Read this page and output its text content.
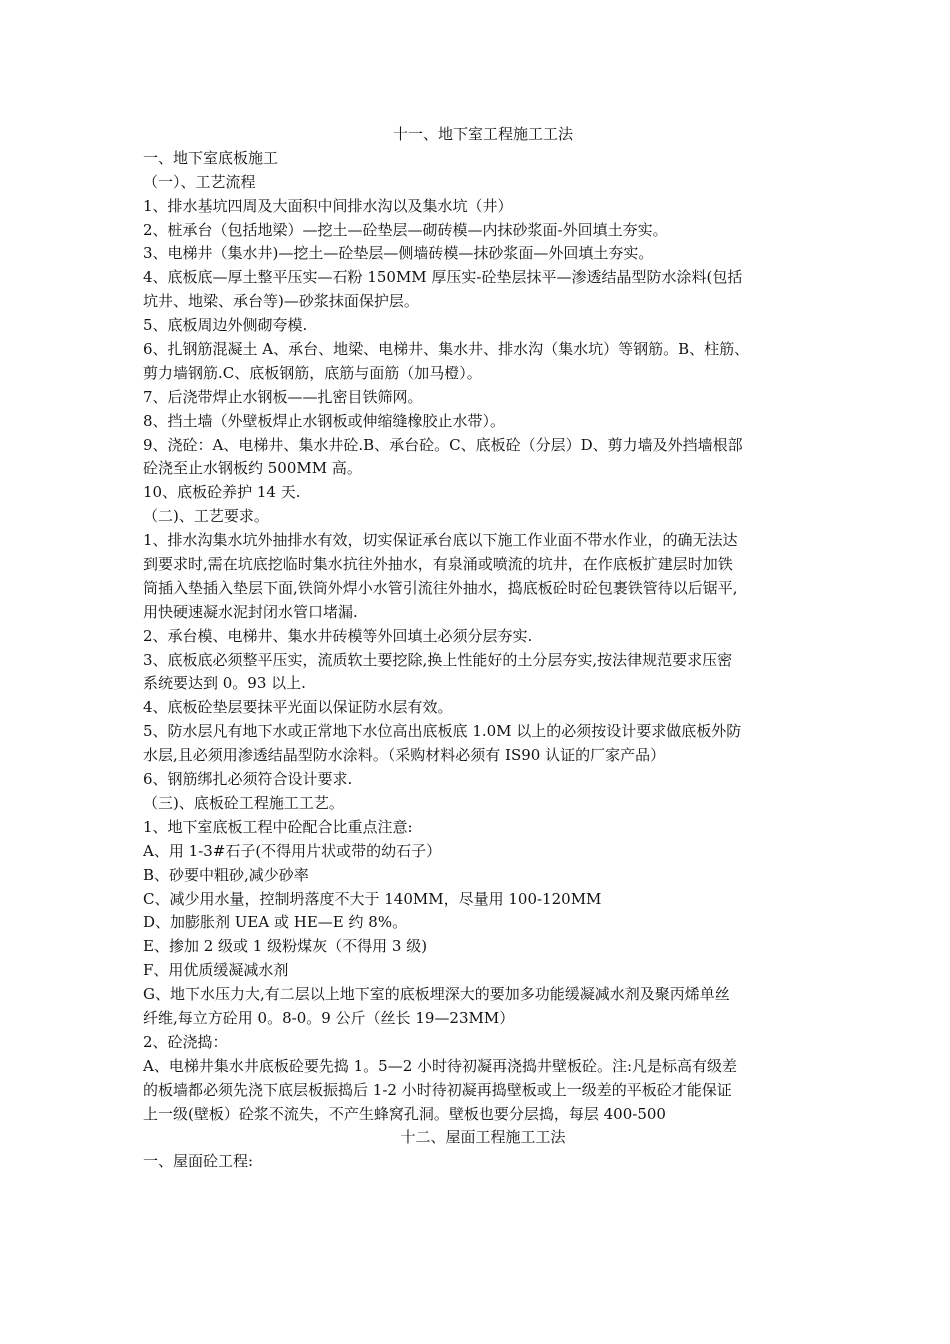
十一、地下室工程施工工法
一、地下室底板施工
（一）、工艺流程
1、排水基坑四周及大面积中间排水沟以及集水坑（井）
2、桩承台（包括地梁）—挖土—砼垫层—砌砖模—内抹砂浆面-外回填土夯实。
3、电梯井（集水井)—挖土—砼垫层—侧墙砖模—抹砂浆面—外回填土夯实。
4、底板底—厚土整平压实—石粉 150MM 厚压实-砼垫层抹平—渗透结晶型防水涂料(包括
坑井、地梁、承台等)—砂浆抹面保护层。
5、底板周边外侧砌夸模.
6、扎钢筋混凝土 A、承台、地梁、电梯井、集水井、排水沟（集水坑）等钢筋。B、柱筋、
剪力墙钢筋.C、底板钢筋，底筋与面筋（加马橙）。
7、后浇带焊止水钢板——扎密目铁筛网。
8、挡土墙（外壁板焊止水钢板或伸缩缝橡胶止水带）。
9、浇砼：A、电梯井、集水井砼.B、承台砼。C、底板砼（分层）D、剪力墙及外挡墙根部
砼浇至止水钢板约 500MM 高。
10、底板砼养护 14 天.
（二)、工艺要求。
1、排水沟集水坑外抽排水有效，切实保证承台底以下施工作业面不带水作业，的确无法达
到要求时,需在坑底挖临时集水抗往外抽水，有泉涌或喷流的坑井，在作底板扩建层时加铁
筒插入垫插入垫层下面,铁筒外焊小水管引流往外抽水，捣底板砼时砼包裹铁管待以后锯平,
用快硬速凝水泥封闭水管口堵漏.
2、承台模、电梯井、集水井砖模等外回填土必须分层夯实.
3、底板底必须整平压实，流质软土要挖除,换上性能好的土分层夯实,按法律规范要求压密
系统要达到 0。93 以上.
4、底板砼垫层要抹平光面以保证防水层有效。
5、防水层凡有地下水或正常地下水位高出底板底 1.0M 以上的必须按设计要求做底板外防
水层,且必须用渗透结晶型防水涂料。（采购材料必须有 IS90 认证的厂家产品）
6、钢筋绑扎必须符合设计要求.
（三)、底板砼工程施工工艺。
1、地下室底板工程中砼配合比重点注意:
A、用 1-3#石子(不得用片状或带的幼石子）
B、砂要中粗砂,减少砂率
C、减少用水量，控制坍落度不大于 140MM，尽量用 100-120MM
D、加膨胀剂 UEA 或 HE—E 约 8%。
E、掺加 2 级或 1 级粉煤灰（不得用 3 级)
F、用优质缓凝减水剂
G、地下水压力大,有二层以上地下室的底板埋深大的要加多功能缓凝减水剂及聚丙烯单丝
纤维,每立方砼用 0。8-0。9 公斤（丝长 19—23MM）
2、砼浇捣：
A、电梯井集水井底板砼要先捣 1。5—2 小时待初凝再浇捣井壁板砼。注:凡是标高有级差
的板墙都必须先浇下底层板振捣后 1-2 小时待初凝再捣壁板或上一级差的平板砼才能保证
上一级(壁板）砼浆不流失，不产生蜂窝孔洞。壁板也要分层捣，每层 400-500
十二、屋面工程施工工法
一、屋面砼工程:
